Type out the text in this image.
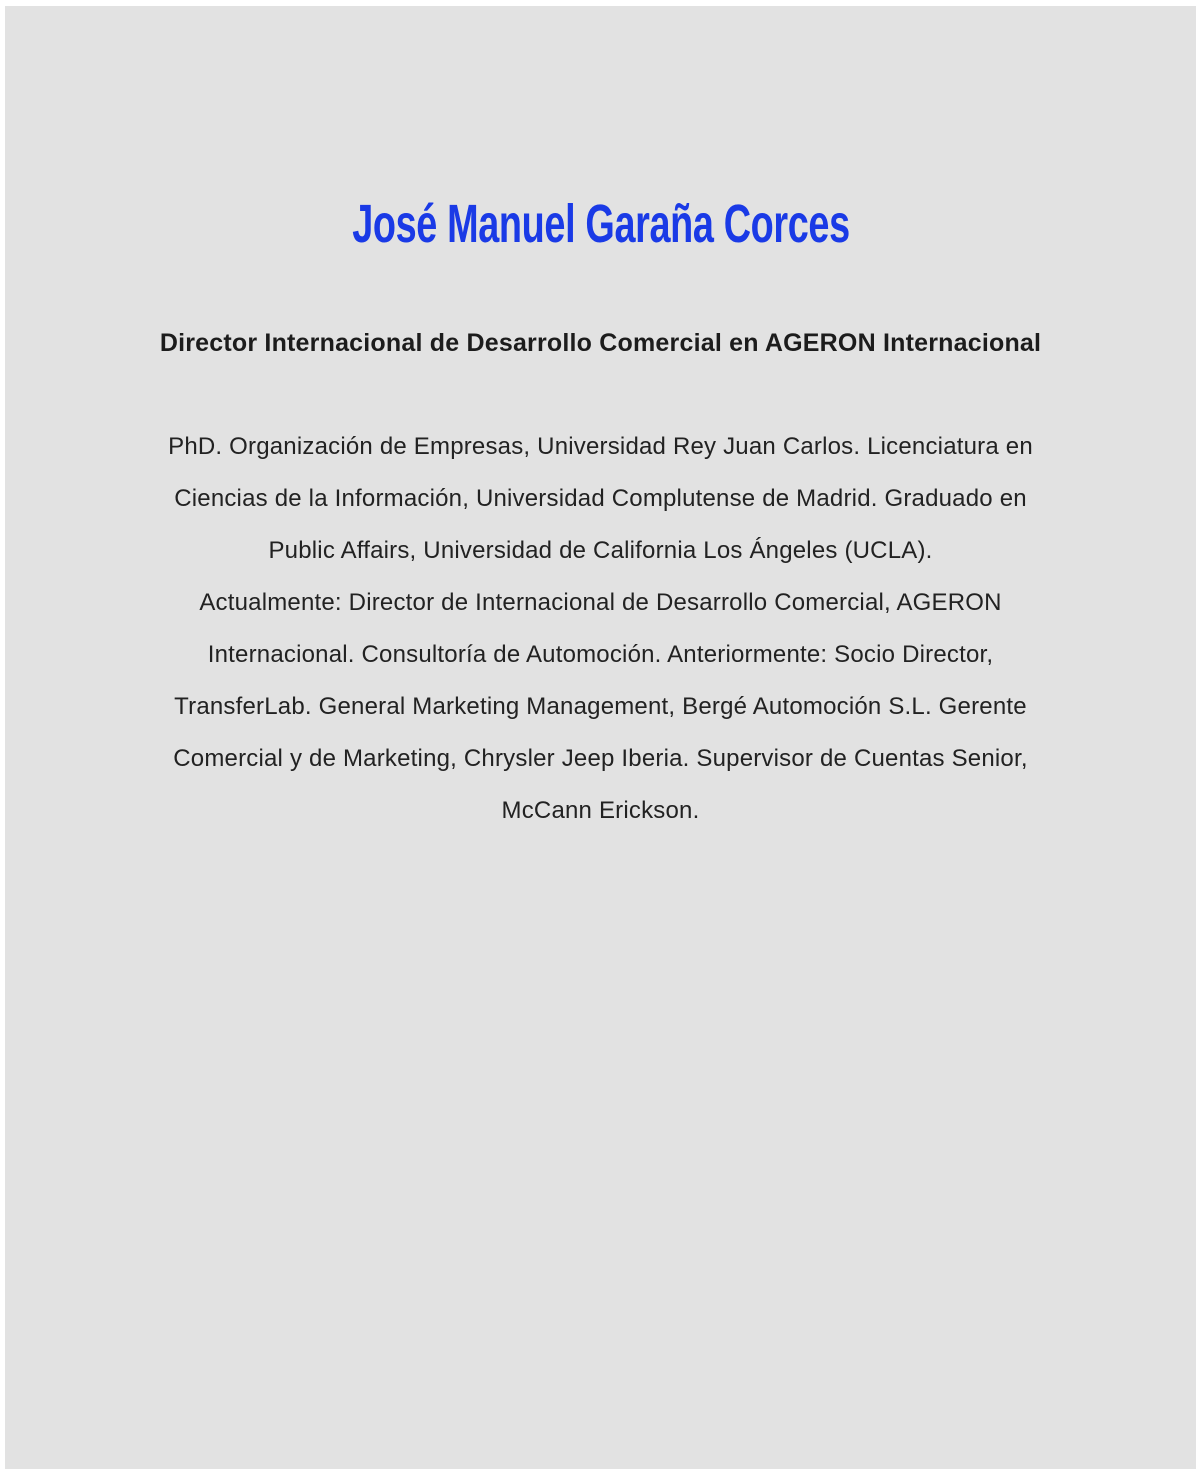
José Manuel Garaña Corces
Director Internacional de Desarrollo Comercial en AGERON Internacional
PhD. Organización de Empresas, Universidad Rey Juan Carlos. Licenciatura en
Ciencias de la Información, Universidad Complutense de Madrid. Graduado en
Public Affairs, Universidad de California Los Ángeles (UCLA).
Actualmente: Director de Internacional de Desarrollo Comercial, AGERON
Internacional. Consultoría de Automoción. Anteriormente: Socio Director,
TransferLab. General Marketing Management, Bergé Automoción S.L. Gerente
Comercial y de Marketing, Chrysler Jeep Iberia. Supervisor de Cuentas Senior,
McCann Erickson.
